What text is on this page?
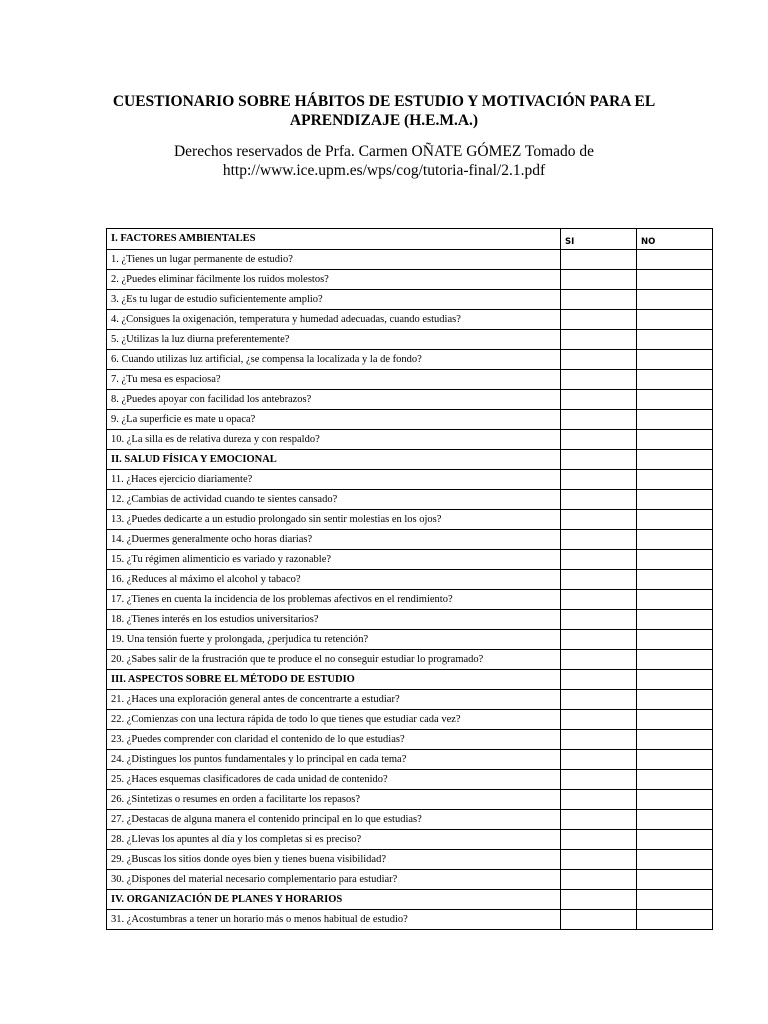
CUESTIONARIO SOBRE HÁBITOS DE ESTUDIO Y MOTIVACIÓN PARA EL
APRENDIZAJE (H.E.M.A.)
Derechos reservados de Prfa. Carmen OÑATE GÓMEZ Tomado de
http://www.ice.upm.es/wps/cog/tutoria-final/2.1.pdf
I. FACTORES AMBIENTALES	SI	NO
1. ¿Tienes un lugar permanente de estudio?		
2. ¿Puedes eliminar fácilmente los ruidos molestos?		
3. ¿Es tu lugar de estudio suficientemente amplio?		
4. ¿Consigues la oxigenación, temperatura y humedad adecuadas, cuando estudias?		
5. ¿Utilizas la luz diurna preferentemente?		
6. Cuando utilizas luz artificial, ¿se compensa la localizada y la de fondo?		
7. ¿Tu mesa es espaciosa?		
8. ¿Puedes apoyar con facilidad los antebrazos?		
9. ¿La superficie es mate u opaca?		
10. ¿La silla es de relativa dureza y con respaldo?		
II. SALUD FÍSICA Y EMOCIONAL		
11. ¿Haces ejercicio diariamente?		
12. ¿Cambias de actividad cuando te sientes cansado?		
13. ¿Puedes dedicarte a un estudio prolongado sin sentir molestias en los ojos?		
14. ¿Duermes generalmente ocho horas diarias?		
15. ¿Tu régimen alimenticio es variado y razonable?		
16. ¿Reduces al máximo el alcohol y tabaco?		
17. ¿Tienes en cuenta la incidencia de los problemas afectivos en el rendimiento?		
18. ¿Tienes interés en los estudios universitarios?		
19. Una tensión fuerte y prolongada, ¿perjudica tu retención?		
20. ¿Sabes salir de la frustración que te produce el no conseguir estudiar lo programado?		
III. ASPECTOS SOBRE EL MÉTODO DE ESTUDIO		
21. ¿Haces una exploración general antes de concentrarte a estudiar?		
22. ¿Comienzas con una lectura rápida de todo lo que tienes que estudiar cada vez?		
23. ¿Puedes comprender con claridad el contenido de lo que estudias?		
24. ¿Distingues los puntos fundamentales y lo principal en cada tema?		
25. ¿Haces esquemas clasificadores de cada unidad de contenido?		
26. ¿Sintetizas o resumes en orden a facilitarte los repasos?		
27. ¿Destacas de alguna manera el contenido principal en lo que estudias?		
28. ¿Llevas los apuntes al día y los completas si es preciso?		
29. ¿Buscas los sitios donde oyes bien y tienes buena visibilidad?		
30. ¿Dispones del material necesario complementario para estudiar?		
IV. ORGANIZACIÓN DE PLANES Y HORARIOS		
31. ¿Acostumbras a tener un horario más o menos habitual de estudio?		
